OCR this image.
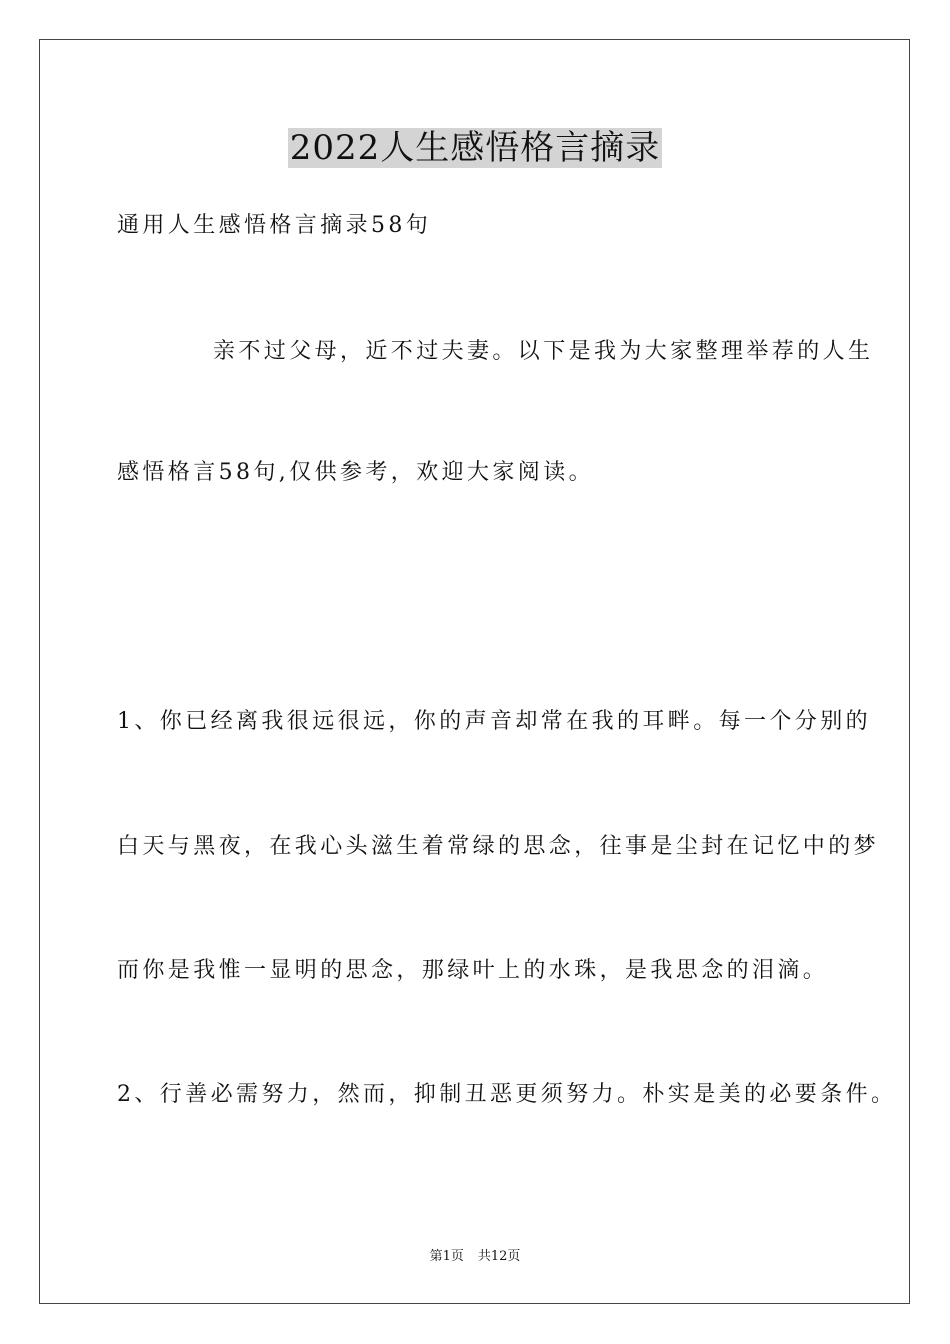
2022人生感悟格言摘录
通用人生感悟格言摘录58句
亲不过父母，近不过夫妻。以下是我为大家整理举荐的人生
感悟格言58句,仅供参考，欢迎大家阅读。
1、你已经离我很远很远，你的声音却常在我的耳畔。每一个分别的
白天与黑夜，在我心头滋生着常绿的思念，往事是尘封在记忆中的梦
而你是我惟一显明的思念，那绿叶上的水珠，是我思念的泪滴。
2、行善必需努力，然而，抑制丑恶更须努力。朴实是美的必要条件。
第1页 共12页
